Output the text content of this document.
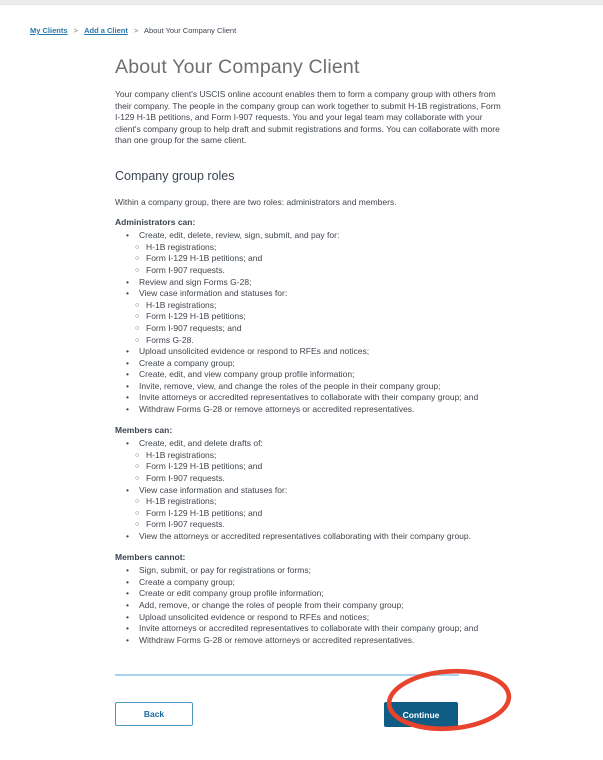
My Clients > Add a Client > About Your Company Client
About Your Company Client

Your company client's USCIS online account enables them to form a company group with others from their company. The people in the company group can work together to submit H-1B registrations, Form I-129 H-1B petitions, and Form I-907 requests. You and your legal team may collaborate with your client's company group to help draft and submit registrations and forms. You can collaborate with more than one group for the same client.

Company group roles

Within a company group, there are two roles: administrators and members.

Administrators can:

•	Create, edit, delete, review, sign, submit, and pay for:
○ H-1B registrations;
○ Form I-129 H-1B petitions; and
○ Form I-907 requests.
•	Review and sign Forms G-28;
•	View case information and statuses for:
○ H-1B registrations;
○ Form I-129 H-1B petitions;
○ Form I-907 requests; and
○ Forms G-28.
•	Upload unsolicited evidence or respond to RFEs and notices;
•	Create a company group;
•	Create, edit, and view company group profile information;
•	Invite, remove, view, and change the roles of the people in their company group;
•	Invite attorneys or accredited representatives to collaborate with their company group; and
•	Withdraw Forms G-28 or remove attorneys or accredited representatives.

Members can:

•	Create, edit, and delete drafts of:
○ H-1B registrations;
○ Form I-129 H-1B petitions; and
○ Form I-907 requests.
•	View case information and statuses for:
○ H-1B registrations;
○ Form I-129 H-1B petitions; and
○ Form I-907 requests.
•	View the attorneys or accredited representatives collaborating with their company group.

Members cannot:

•	Sign, submit, or pay for registrations or forms;
•	Create a company group;
•	Create or edit company group profile information;
•	Add, remove, or change the roles of people from their company group;
•	Upload unsolicited evidence or respond to RFEs and notices;
•	Invite attorneys or accredited representatives to collaborate with their company group; and
•	Withdraw Forms G-28 or remove attorneys or accredited representatives.
Back	Continue
